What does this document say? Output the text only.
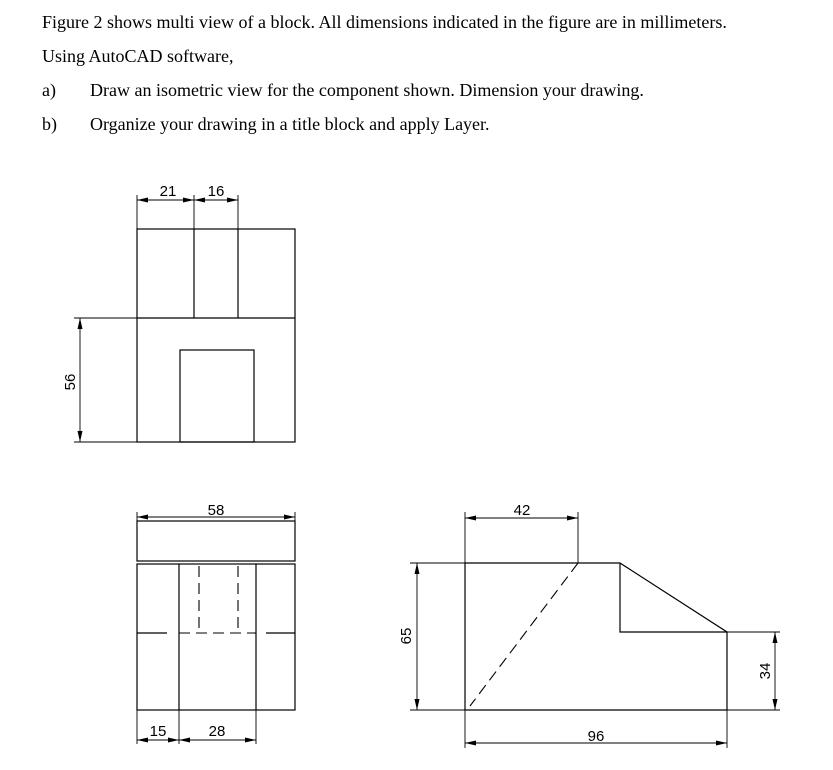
Figure 2 shows multi view of a block. All dimensions indicated in the figure are in millimeters.
Using AutoCAD software,
a) Draw an isometric view for the component shown. Dimension your drawing.
b) Organize your drawing in a title block and apply Layer.
21 16
56
58
15	28
42
65
96
34
